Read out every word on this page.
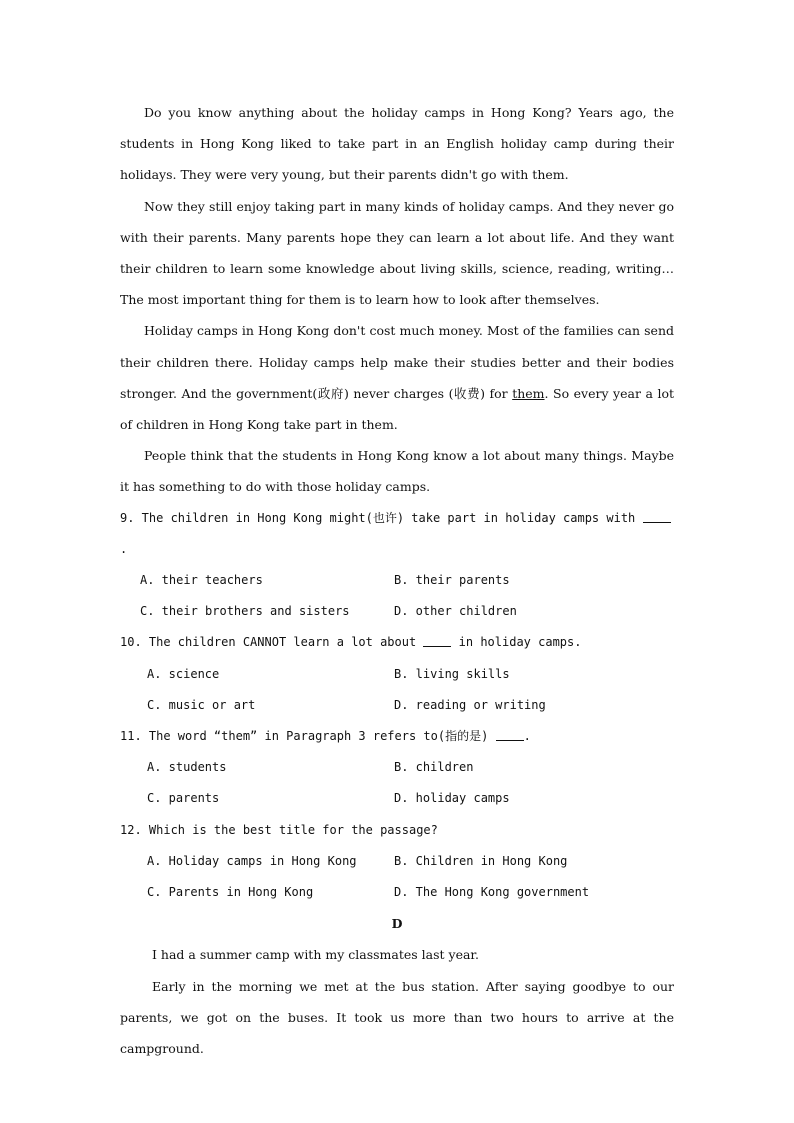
Do you know anything about the holiday camps in Hong Kong? Years ago, the students in Hong Kong liked to take part in an English holiday camp during their holidays. They were very young, but their parents didn't go with them.

Now they still enjoy taking part in many kinds of holiday camps. And they never go with their parents. Many parents hope they can learn a lot about life. And they want their children to learn some knowledge about living skills, science, reading, writing…The most important thing for them is to learn how to look after themselves.

Holiday camps in Hong Kong don't cost much money. Most of the families can send their children there. Holiday camps help make their studies better and their bodies stronger. And the government(政府) never charges (收费) for them. So every year a lot of children in Hong Kong take part in them.

People think that the students in Hong Kong know a lot about many things. Maybe it has something to do with those holiday camps.

9. The children in Hong Kong might(也许) take part in holiday camps with .

A. their teachers	B. their parents
C. their brothers and sisters	D. other children

10. The children CANNOT learn a lot about  in holiday camps.

A. science	B. living skills
C. music or art	D. reading or writing

11. The word “them” in Paragraph 3 refers to(指的是) .

A. students	B. children
C. parents	D. holiday camps

12. Which is the best title for the passage?

A. Holiday camps in Hong Kong	B. Children in Hong Kong
C. Parents in Hong Kong	D. The Hong Kong government

D

I had a summer camp with my classmates last year.

Early in the morning we met at the bus station. After saying goodbye to our parents, we got on the buses. It took us more than two hours to arrive at the campground.
